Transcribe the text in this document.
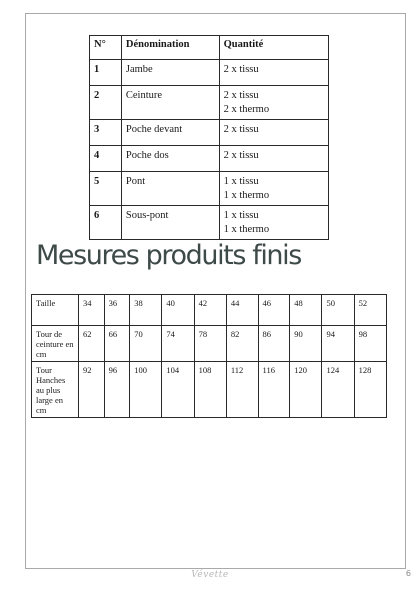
N°	Dénomination	Quantité
1	Jambe	2 x tissu

2	Ceinture	2 x tissu
2 x thermo

3	Poche devant	2 x tissu

4	Poche dos	2 x tissu

5	Pont	1 x tissu
1 x thermo

6	Sous-pont	1 x tissu
1 x thermo
Mesures produits finis
Taille	34	36	38	40	42	44	46	48	50	52
Tour de ceinture en cm	62	66	70	74	78	82	86	90	94	98
Tour Hanches au plus large en cm	92	96	100	104	108	112	116	120	124	128
Vévette	6
